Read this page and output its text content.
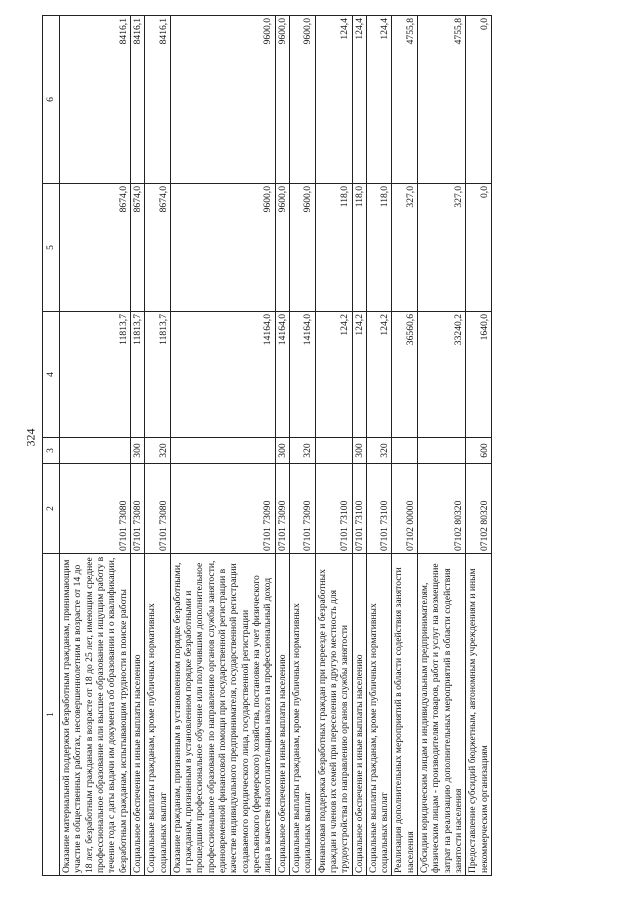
324
1	2	3	4	5	6
Оказание материальной поддержки безработным гражданам, принимающим участие в общественных работах, несовершеннолетним в возрасте от 14 до 18 лет, безработным гражданам в возрасте от 18 до 25 лет, имеющим среднее профессиональное образование или высшее образование и ищущим работу в течение года с даты выдачи им документа об образовании и о квалификации, безработным гражданам, испытывающим трудности в поиске работы	07101 73080		11813,7	8674,0	8416,1
Социальное обеспечение и иные выплаты населению	07101 73080	300	11813,7	8674,0	8416,1
Социальные выплаты гражданам, кроме публичных нормативных социальных выплат	07101 73080	320	11813,7	8674,0	8416,1
Оказание гражданам, признанным в установленном порядке безработными, и гражданам, признанным в установленном порядке безработными и прошедшим профессиональное обучение или получившим дополнительное профессиональное образование по направлению органов службы занятости, единовременной финансовой помощи при государственной регистрации в качестве индивидуального предпринимателя, государственной регистрации создаваемого юридического лица, государственной регистрации крестьянского (фермерского) хозяйства, постановке на учет физического лица в качестве налогоплательщика налога на профессиональный доход	07101 73090		14164,0	9600,0	9600,0
Социальное обеспечение и иные выплаты населению	07101 73090	300	14164,0	9600,0	9600,0
Социальные выплаты гражданам, кроме публичных нормативных социальных выплат	07101 73090	320	14164,0	9600,0	9600,0
Финансовая поддержка безработных граждан при переезде и безработных граждан и членов их семей при переселении в другую местность для трудоустройства по направлению органов службы занятости	07101 73100		124,2	118,0	124,4
Социальное обеспечение и иные выплаты населению	07101 73100	300	124,2	118,0	124,4
Социальные выплаты гражданам, кроме публичных нормативных социальных выплат	07101 73100	320	124,2	118,0	124,4
Реализация дополнительных мероприятий в области содействия занятости населения	07102 00000		36560,6	327,0	4755,8
Субсидии юридическим лицам и индивидуальным предпринимателям, физическим лицам - производителям товаров, работ и услуг на возмещение затрат на реализацию дополнительных мероприятий в области содействия занятости населения	07102 80320		33240,2	327,0	4755,8
Предоставление субсидий бюджетным, автономным учреждениям и иным некоммерческим организациям	07102 80320	600	1640,0	0,0	0,0
